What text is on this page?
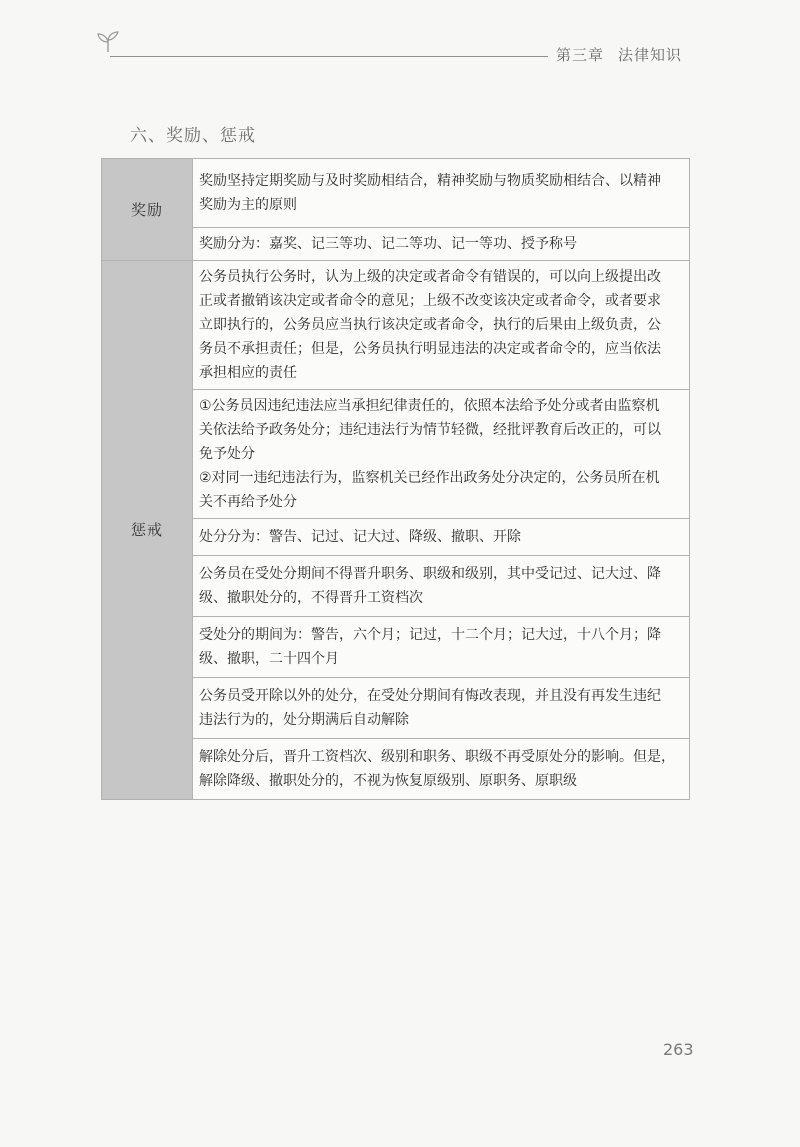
第三章 法律知识
六、奖励、惩戒
奖励	奖励坚持定期奖励与及时奖励相结合，精神奖励与物质奖励相结合、以精神
奖励为主的原则

	奖励分为：嘉奖、记三等功、记二等功、记一等功、授予称号

惩戒	公务员执行公务时，认为上级的决定或者命令有错误的，可以向上级提出改
正或者撤销该决定或者命令的意见；上级不改变该决定或者命令，或者要求
立即执行的，公务员应当执行该决定或者命令，执行的后果由上级负责，公
务员不承担责任；但是，公务员执行明显违法的决定或者命令的，应当依法
承担相应的责任

	①公务员因违纪违法应当承担纪律责任的，依照本法给予处分或者由监察机
关依法给予政务处分；违纪违法行为情节轻微，经批评教育后改正的，可以
免予处分
②对同一违纪违法行为，监察机关已经作出政务处分决定的，公务员所在机
关不再给予处分

	处分分为：警告、记过、记大过、降级、撤职、开除

	公务员在受处分期间不得晋升职务、职级和级别，其中受记过、记大过、降
级、撤职处分的，不得晋升工资档次

	受处分的期间为：警告，六个月；记过，十二个月；记大过，十八个月；降
级、撤职，二十四个月

	公务员受开除以外的处分，在受处分期间有悔改表现，并且没有再发生违纪
违法行为的，处分期满后自动解除

	解除处分后，晋升工资档次、级别和职务、职级不再受原处分的影响。但是，
解除降级、撤职处分的，不视为恢复原级别、原职务、原职级
263
